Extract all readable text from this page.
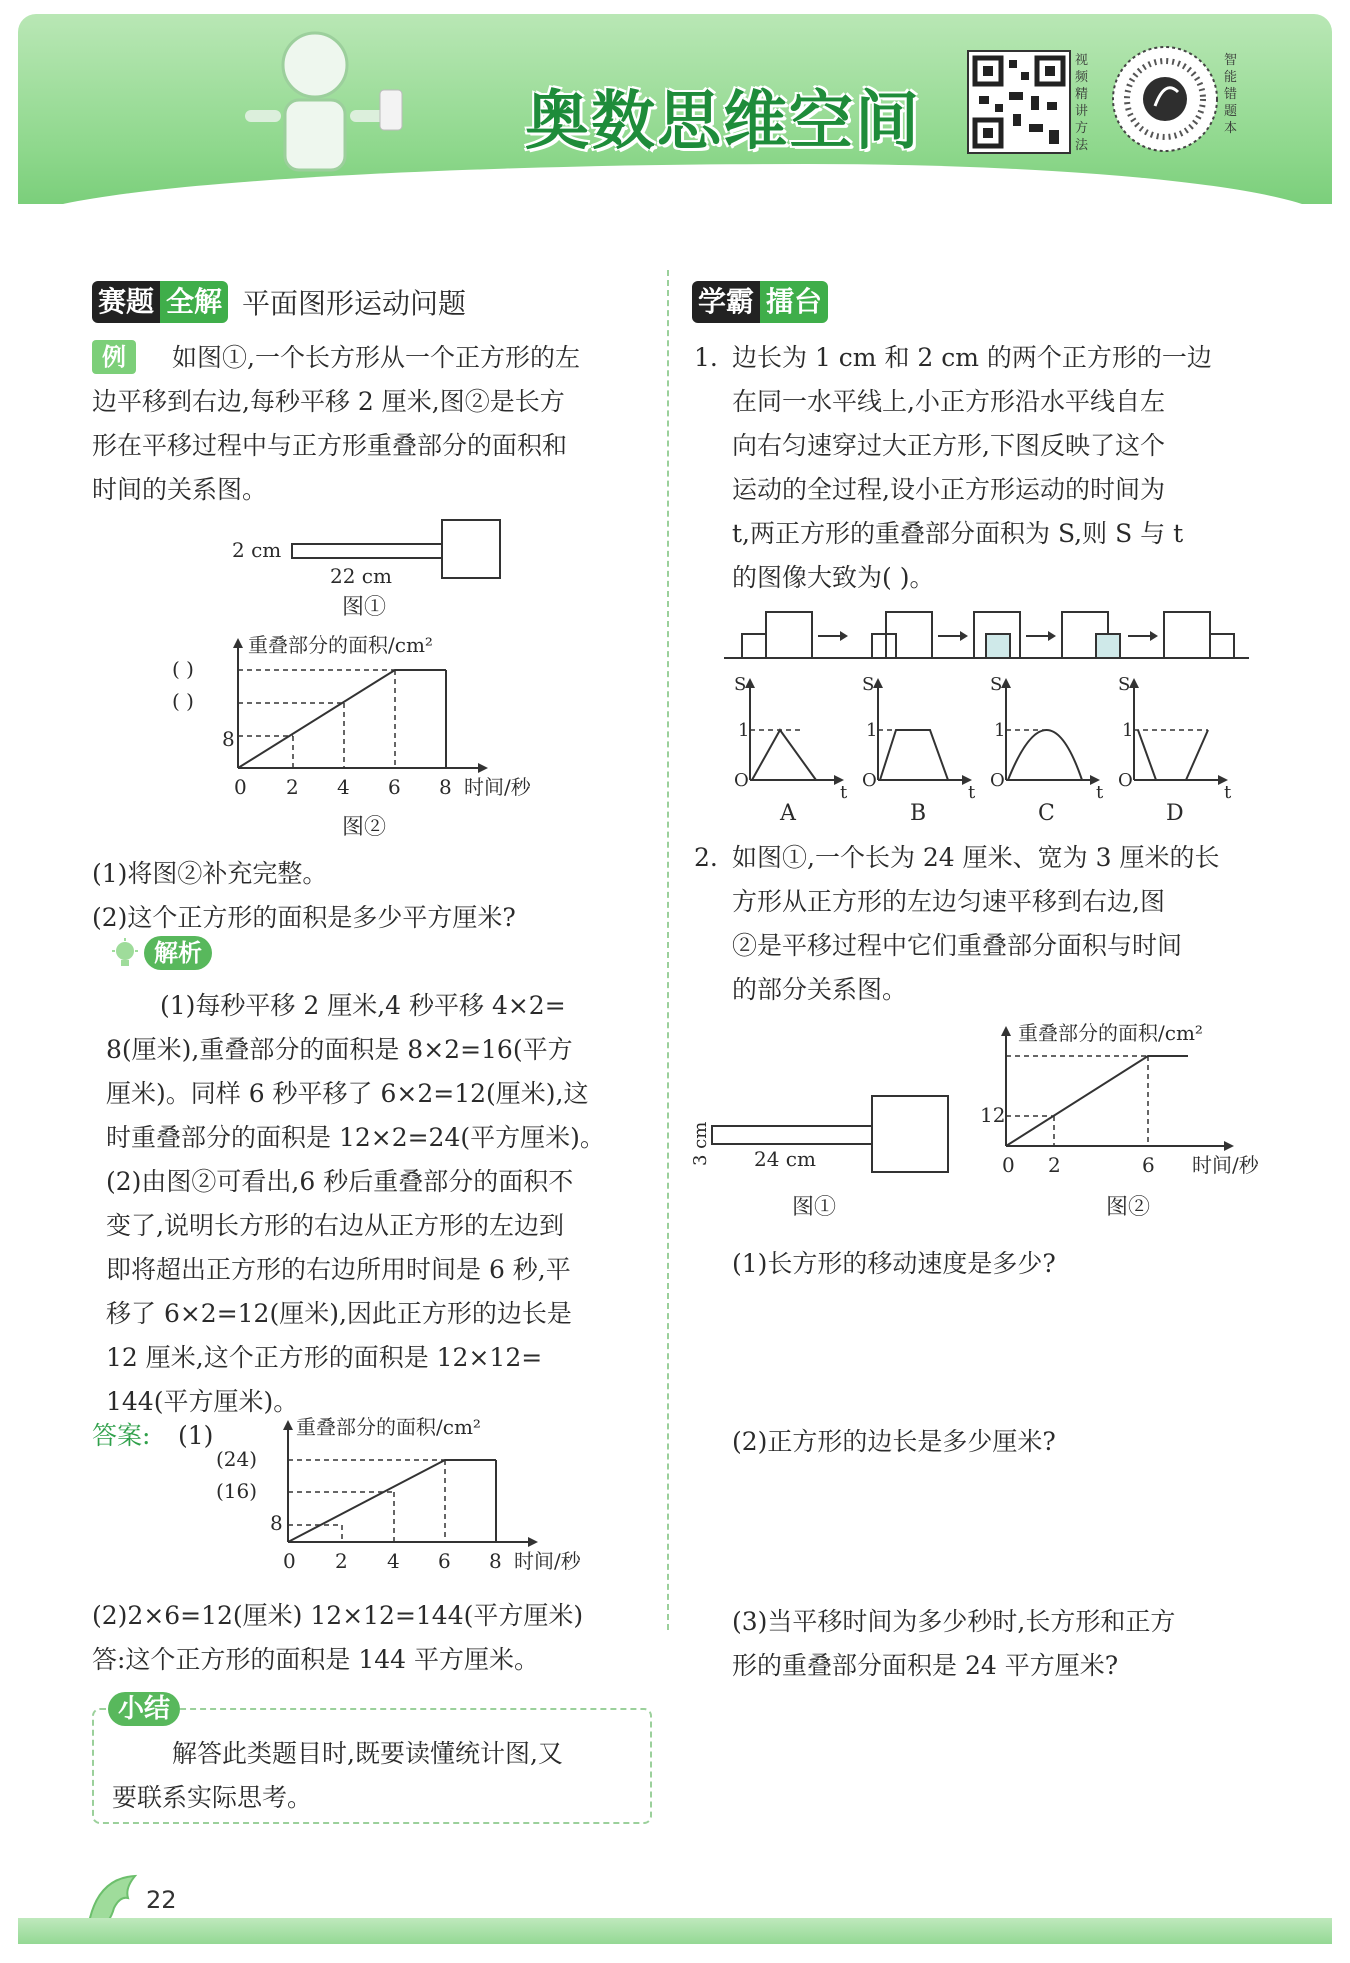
奥数思维空间
视频精讲方法
智能错题本
赛题 全解 平面图形运动问题
例	如图①,一个长方形从一个正方形的左
边平移到右边,每秒平移 2 厘米,图②是长方
形在平移过程中与正方形重叠部分的面积和
时间的关系图。
2 cm
22 cm
图①
重叠部分的面积/cm²
( )
( )
8
0 2 4 6 8 时间/秒
图②
(1)将图②补充完整。
(2)这个正方形的面积是多少平方厘米?
解析
(1)每秒平移 2 厘米,4 秒平移 4×2=
8(厘米),重叠部分的面积是 8×2=16(平方
厘米)。同样 6 秒平移了 6×2=12(厘米),这
时重叠部分的面积是 12×2=24(平方厘米)。
(2)由图②可看出,6 秒后重叠部分的面积不
变了,说明长方形的右边从正方形的左边到
即将超出正方形的右边所用时间是 6 秒,平
移了 6×2=12(厘米),因此正方形的边长是
12 厘米,这个正方形的面积是 12×12=
144(平方厘米)。
答案: (1)	重叠部分的面积/cm²
(24)
(16)
8
0 2 4 6 8 时间/秒
(2)2×6=12(厘米) 12×12=144(平方厘米)
答:这个正方形的面积是 144 平方厘米。
小结
解答此类题目时,既要读懂统计图,又
要联系实际思考。
学霸 擂台
1. 边长为 1 cm 和 2 cm 的两个正方形的一边
在同一水平线上,小正方形沿水平线自左
向右匀速穿过大正方形,下图反映了这个
运动的全过程,设小正方形运动的时间为
t,两正方形的重叠部分面积为 S,则 S 与 t
的图像大致为( )。
S
O
1
t
A
S
O
1
t
B
S
O
1
t
C
S
O
1
t
D
2. 如图①,一个长为 24 厘米、宽为 3 厘米的长
方形从正方形的左边匀速平移到右边,图
②是平移过程中它们重叠部分面积与时间
的部分关系图。
3 cm 24 cm
图①
重叠部分的面积/cm²
12
0 2	6 时间/秒
图②
(1)长方形的移动速度是多少?
(2)正方形的边长是多少厘米?
(3)当平移时间为多少秒时,长方形和正方
形的重叠部分面积是 24 平方厘米?
22
